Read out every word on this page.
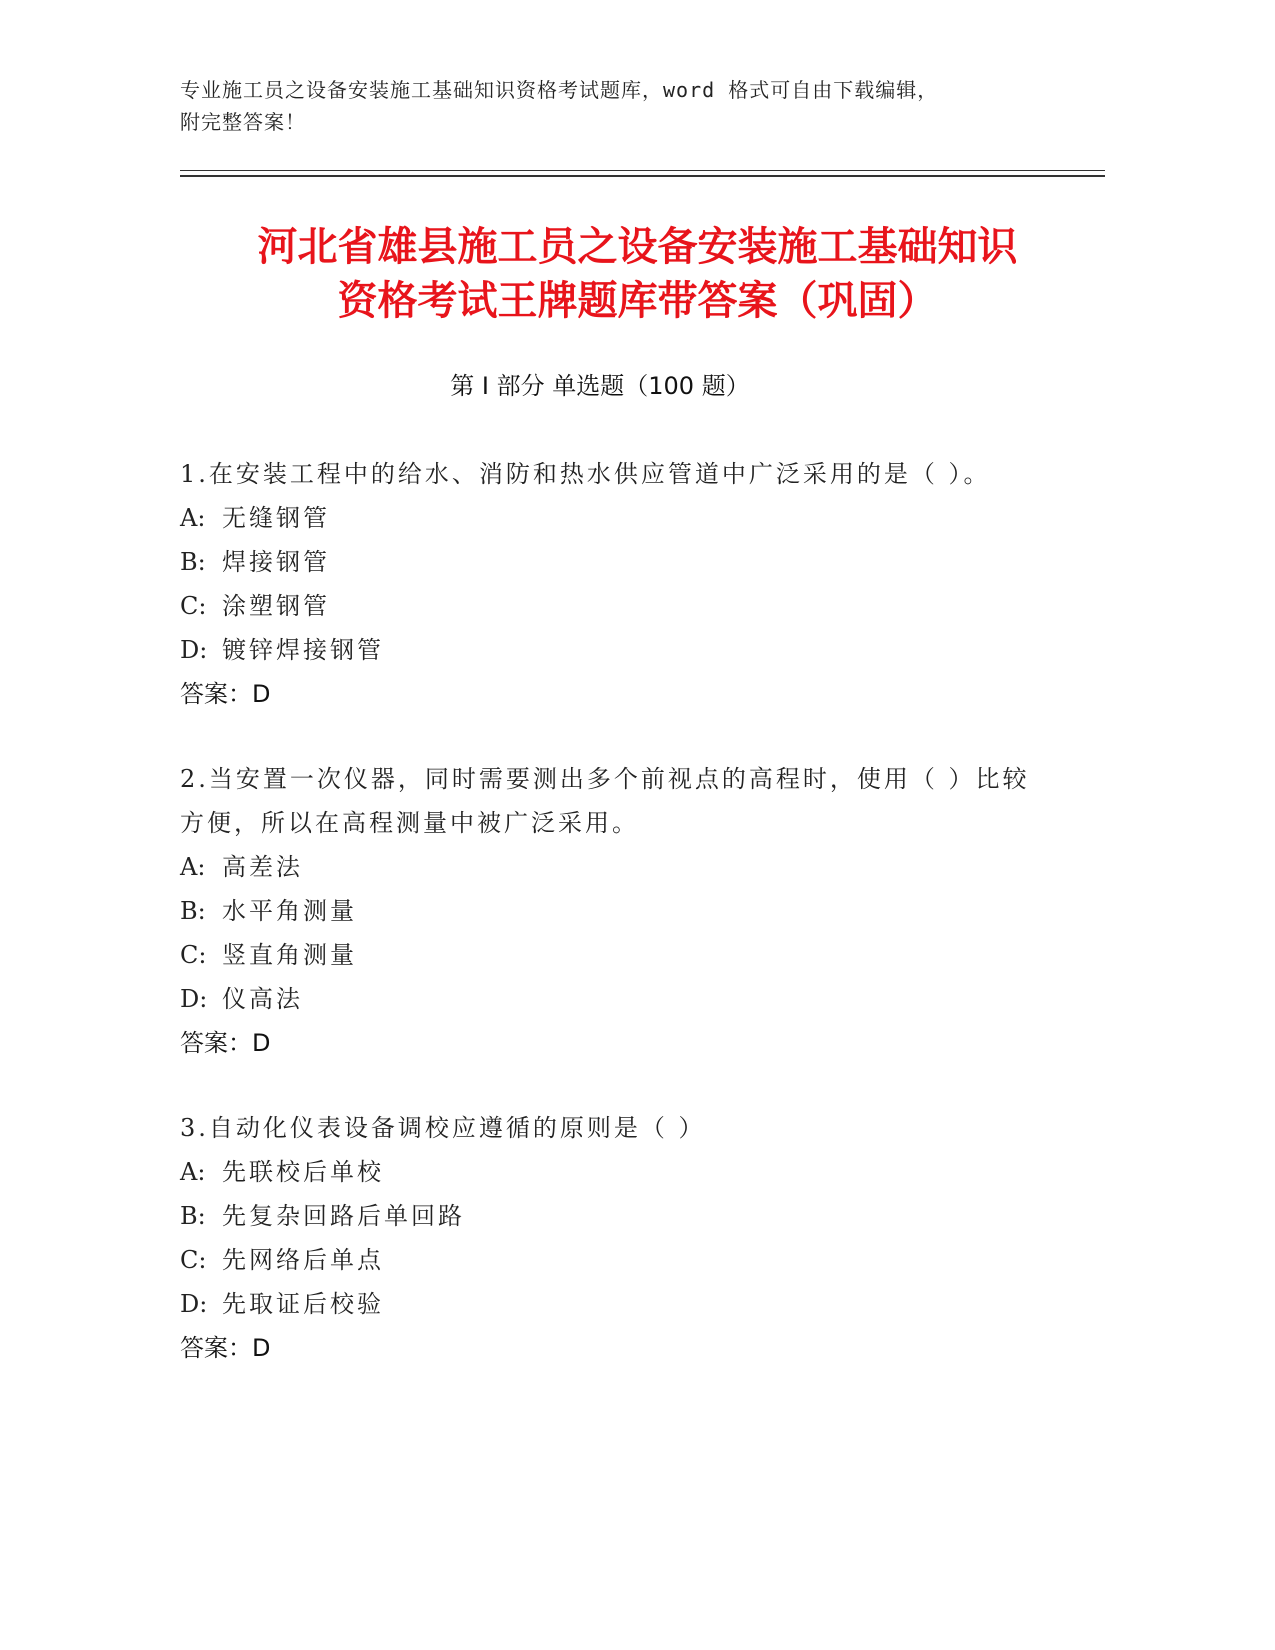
专业施工员之设备安装施工基础知识资格考试题库，word 格式可自由下载编辑，
附完整答案！
河北省雄县施工员之设备安装施工基础知识
资格考试王牌题库带答案（巩固）
第 I 部分 单选题（100 题）
1.在安装工程中的给水、消防和热水供应管道中广泛采用的是（ ）。
A: 无缝钢管
B: 焊接钢管
C: 涂塑钢管
D: 镀锌焊接钢管
答案：D
2.当安置一次仪器，同时需要测出多个前视点的高程时，使用（ ）比较方便，所以在高程测量中被广泛采用。
A: 高差法
B: 水平角测量
C: 竖直角测量
D: 仪高法
答案：D
3.自动化仪表设备调校应遵循的原则是（ ）
A: 先联校后单校
B: 先复杂回路后单回路
C: 先网络后单点
D: 先取证后校验
答案：D
